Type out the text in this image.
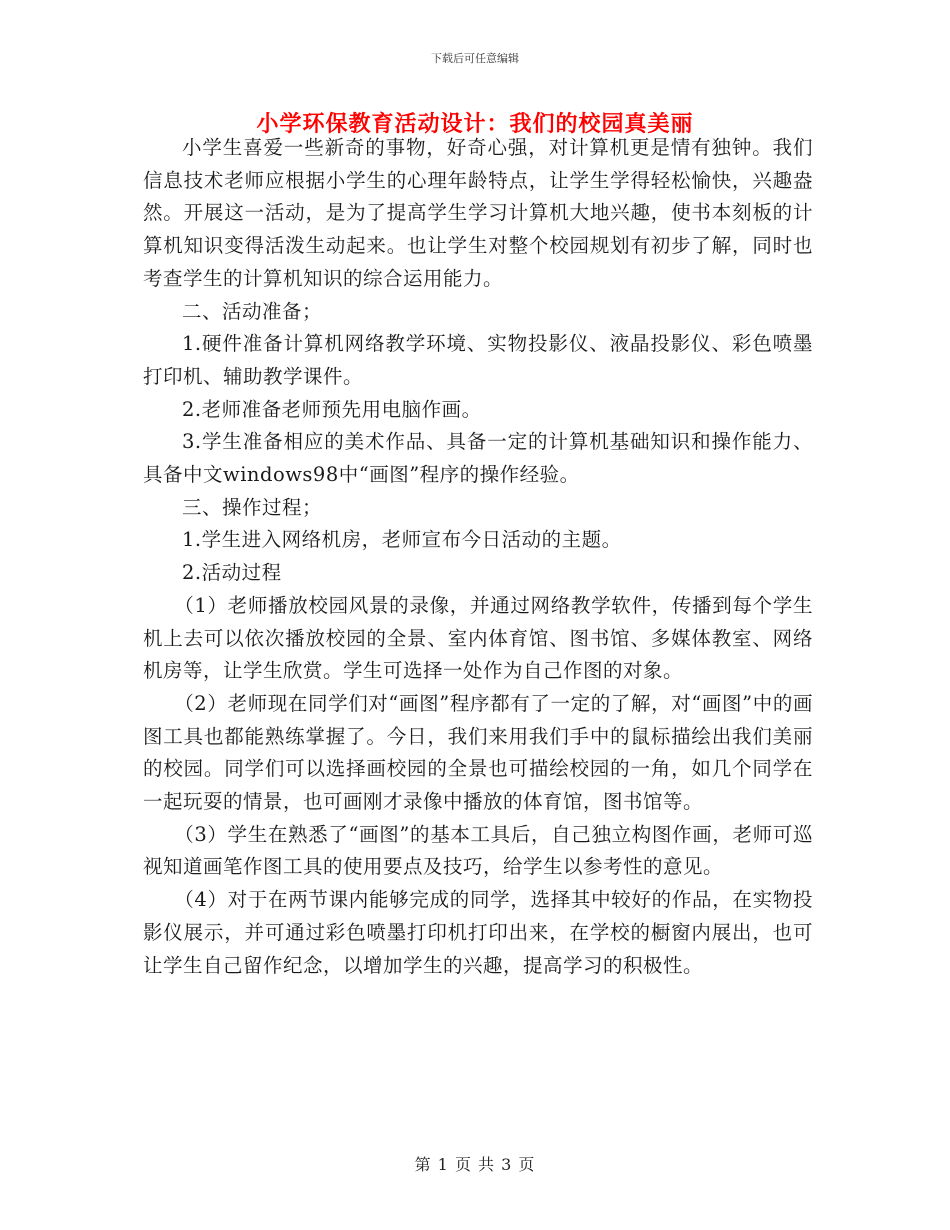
下载后可任意编辑
小学环保教育活动设计：我们的校园真美丽

小学生喜爱一些新奇的事物，好奇心强，对计算机更是情有独钟。我们信息技术老师应根据小学生的心理年龄特点，让学生学得轻松愉快，兴趣盎然。开展这一活动，是为了提高学生学习计算机大地兴趣，使书本刻板的计算机知识变得活泼生动起来。也让学生对整个校园规划有初步了解，同时也考查学生的计算机知识的综合运用能力。

二、活动准备；

1.硬件准备计算机网络教学环境、实物投影仪、液晶投影仪、彩色喷墨打印机、辅助教学课件。

2.老师准备老师预先用电脑作画。

3.学生准备相应的美术作品、具备一定的计算机基础知识和操作能力、具备中文windows98中“画图”程序的操作经验。

三、操作过程；

1.学生进入网络机房，老师宣布今日活动的主题。

2.活动过程

（1）老师播放校园风景的录像，并通过网络教学软件，传播到每个学生机上去可以依次播放校园的全景、室内体育馆、图书馆、多媒体教室、网络机房等，让学生欣赏。学生可选择一处作为自己作图的对象。

（2）老师现在同学们对“画图”程序都有了一定的了解，对“画图”中的画图工具也都能熟练掌握了。今日，我们来用我们手中的鼠标描绘出我们美丽的校园。同学们可以选择画校园的全景也可描绘校园的一角，如几个同学在一起玩耍的情景，也可画刚才录像中播放的体育馆，图书馆等。

（3）学生在熟悉了“画图”的基本工具后，自己独立构图作画，老师可巡视知道画笔作图工具的使用要点及技巧，给学生以参考性的意见。

（4）对于在两节课内能够完成的同学，选择其中较好的作品，在实物投影仪展示，并可通过彩色喷墨打印机打印出来，在学校的橱窗内展出，也可让学生自己留作纪念，以增加学生的兴趣，提高学习的积极性。

第 1 页 共 3 页
